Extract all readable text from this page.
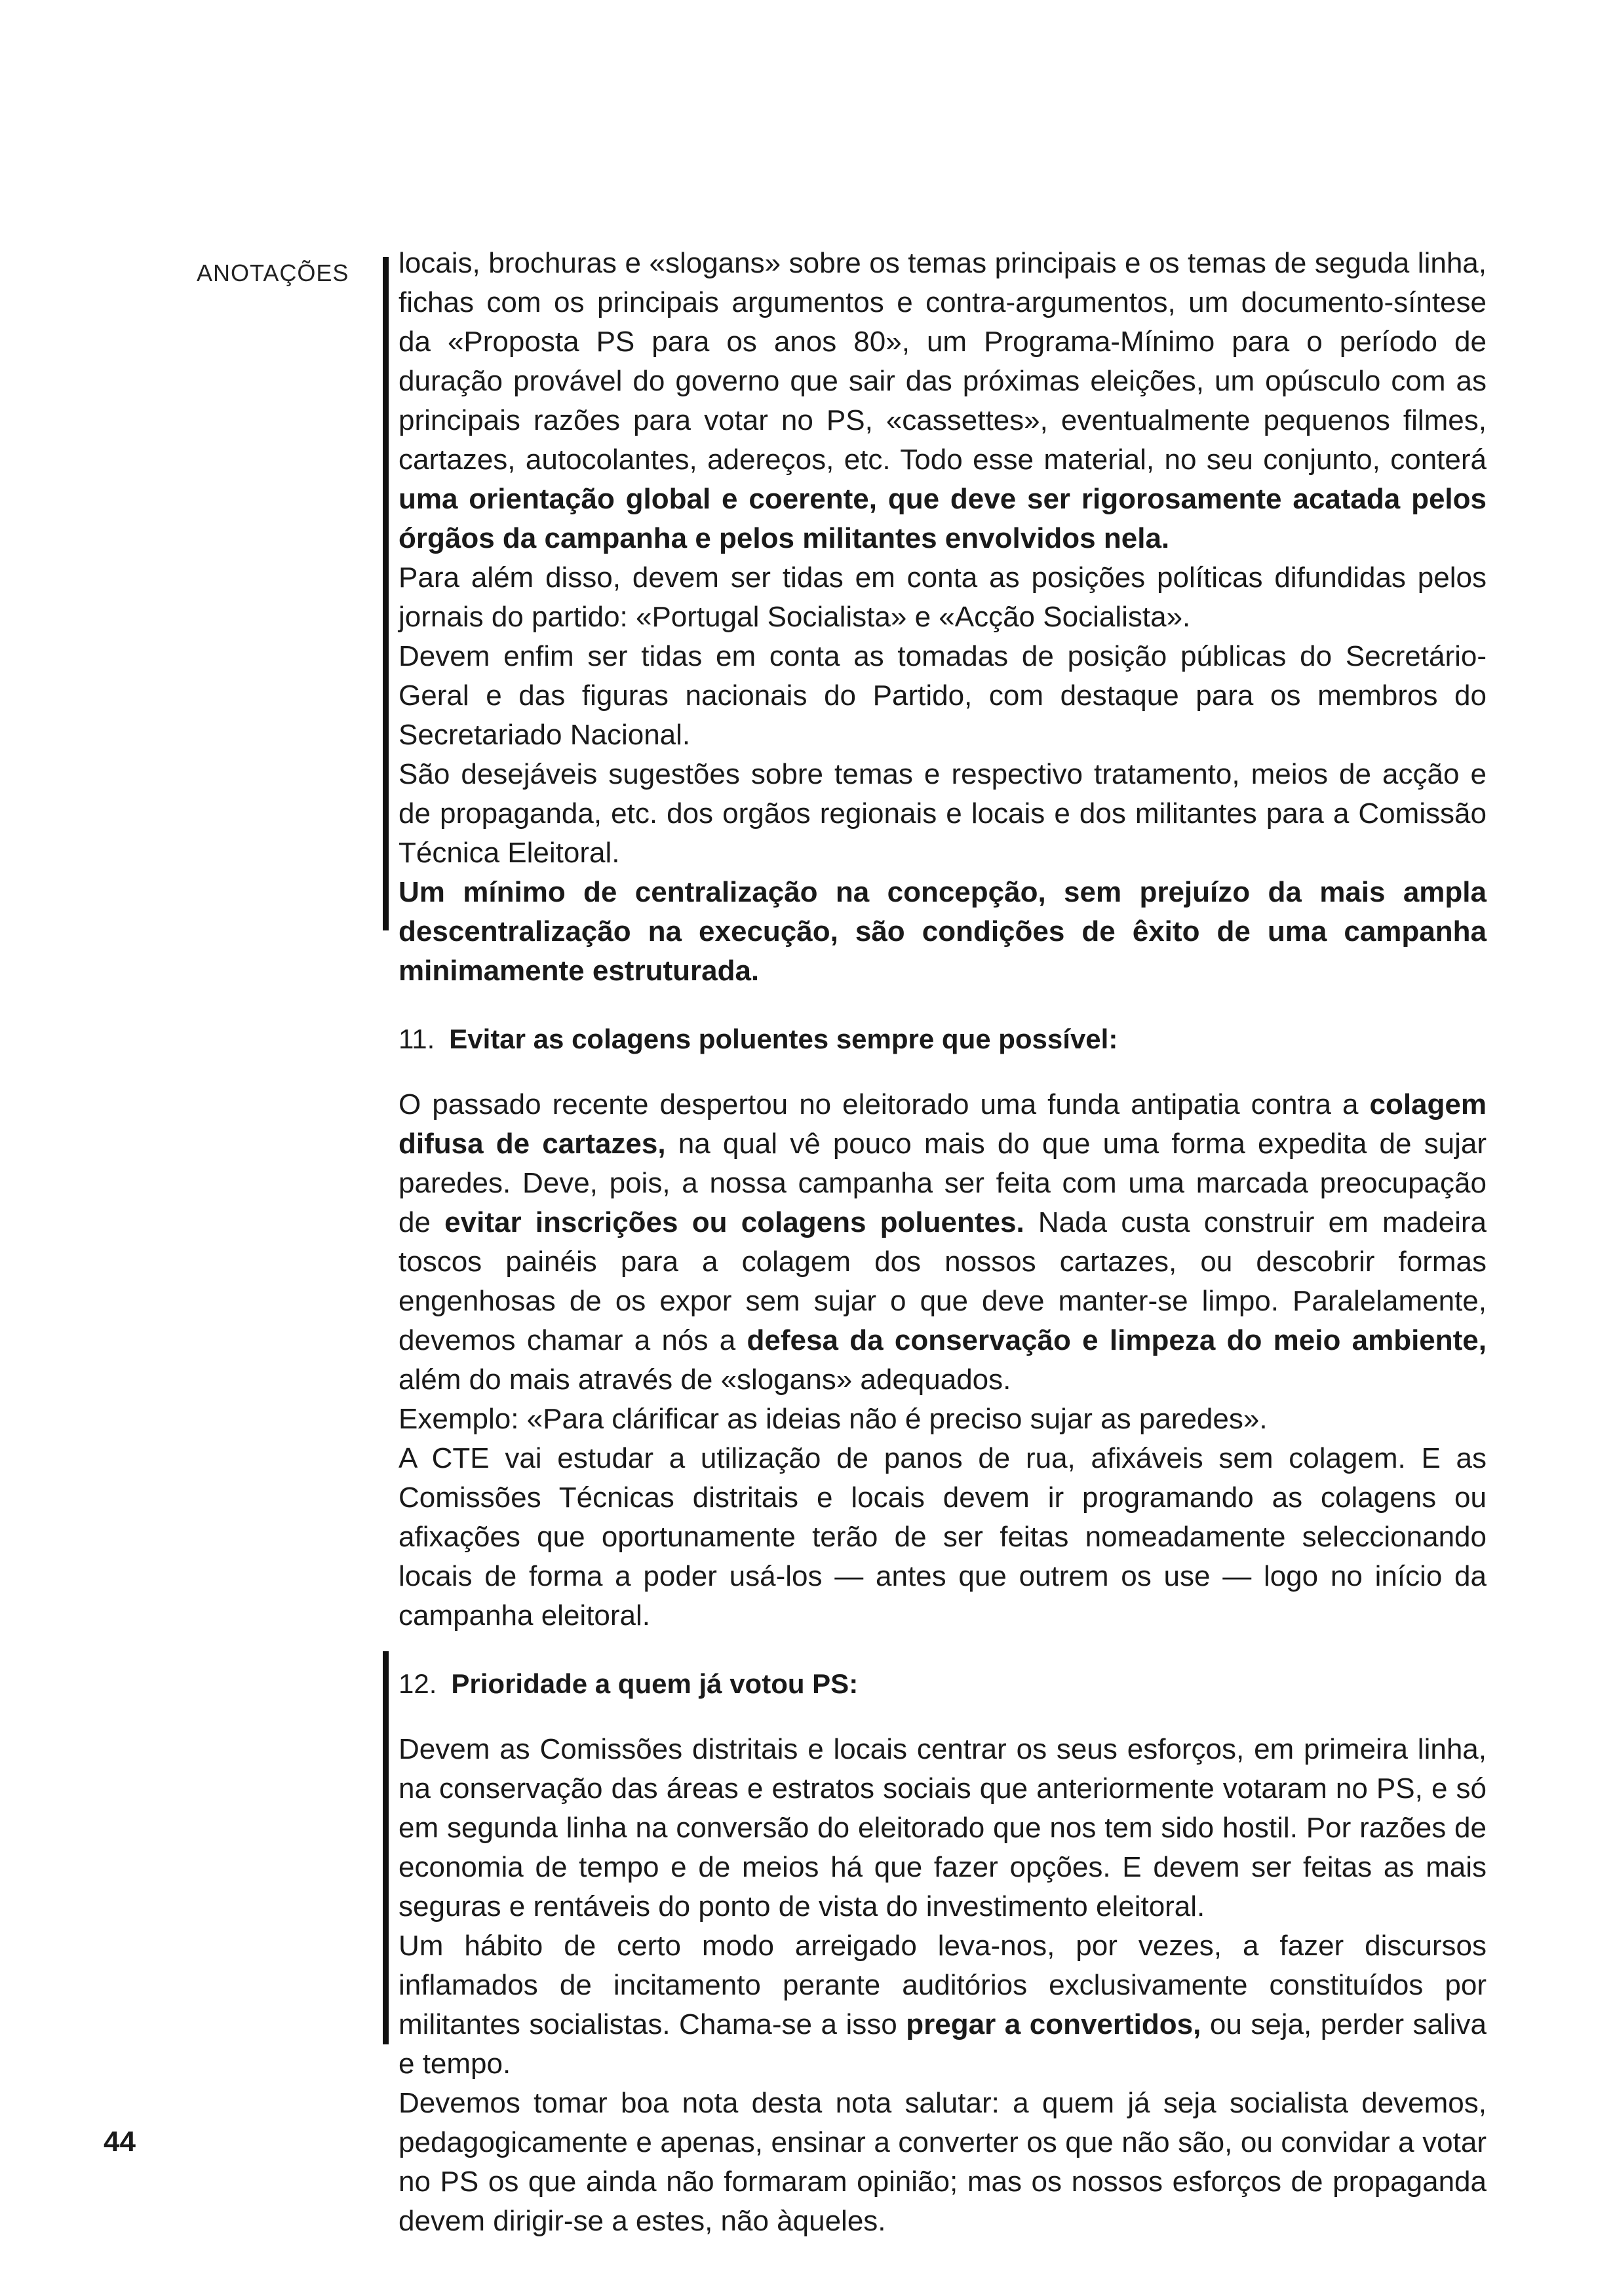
ANOTAÇÕES locais, brochuras e «slogans» sobre os temas principais e os temas de seguda linha, fichas com os principais argumentos e contra-argumentos, um documento-síntese da «Proposta PS para os anos 80», um Programa-Mínimo para o período de duração provável do governo que sair das próximas eleições, um opúsculo com as principais razões para votar no PS, «cassettes», eventualmente pequenos filmes, cartazes, autocolantes, adereços, etc. Todo esse material, no seu conjunto, conterá uma orientação global e coerente, que deve ser rigorosamente acatada pelos órgãos da campanha e pelos militantes envolvidos nela.

Para além disso, devem ser tidas em conta as posições políticas difundidas pelos jornais do partido: «Portugal Socialista» e «Acção Socialista».

Devem enfim ser tidas em conta as tomadas de posição públicas do Secretário-Geral e das figuras nacionais do Partido, com destaque para os membros do Secretariado Nacional.

São desejáveis sugestões sobre temas e respectivo tratamento, meios de acção e de propaganda, etc. dos orgãos regionais e locais e dos militantes para a Comissão Técnica Eleitoral.

Um mínimo de centralização na concepção, sem prejuízo da mais ampla descentralização na execução, são condições de êxito de uma campanha minimamente estruturada.

11. Evitar as colagens poluentes sempre que possível:

O passado recente despertou no eleitorado uma funda antipatia contra a colagem difusa de cartazes, na qual vê pouco mais do que uma forma expedita de sujar paredes. Deve, pois, a nossa campanha ser feita com uma marcada preocupação de evitar inscrições ou colagens poluentes. Nada custa construir em madeira toscos painéis para a colagem dos nossos cartazes, ou descobrir formas engenhosas de os expor sem sujar o que deve manter-se limpo. Paralelamente, devemos chamar a nós a defesa da conservação e limpeza do meio ambiente, além do mais através de «slogans» adequados.

Exemplo: «Para clárificar as ideias não é preciso sujar as paredes».

A CTE vai estudar a utilização de panos de rua, afixáveis sem colagem. E as Comissões Técnicas distritais e locais devem ir programando as colagens ou afixações que oportunamente terão de ser feitas nomeadamente seleccionando locais de forma a poder usá-los — antes que outrem os use — logo no início da campanha eleitoral.

12. Prioridade a quem já votou PS:

Devem as Comissões distritais e locais centrar os seus esforços, em primeira linha, na conservação das áreas e estratos sociais que anteriormente votaram no PS, e só em segunda linha na conversão do eleitorado que nos tem sido hostil. Por razões de economia de tempo e de meios há que fazer opções. E devem ser feitas as mais seguras e rentáveis do ponto de vista do investimento eleitoral.

Um hábito de certo modo arreigado leva-nos, por vezes, a fazer discursos inflamados de incitamento perante auditórios exclusivamente constituídos por militantes socialistas. Chama-se a isso pregar a convertidos, ou seja, perder saliva e tempo.

Devemos tomar boa nota desta nota salutar: a quem já seja socialista devemos, pedagogicamente e apenas, ensinar a converter os que não são, ou convidar a votar no PS os que ainda não formaram opinião; mas os nossos esforços de propaganda devem dirigir-se a estes, não àqueles.

44
